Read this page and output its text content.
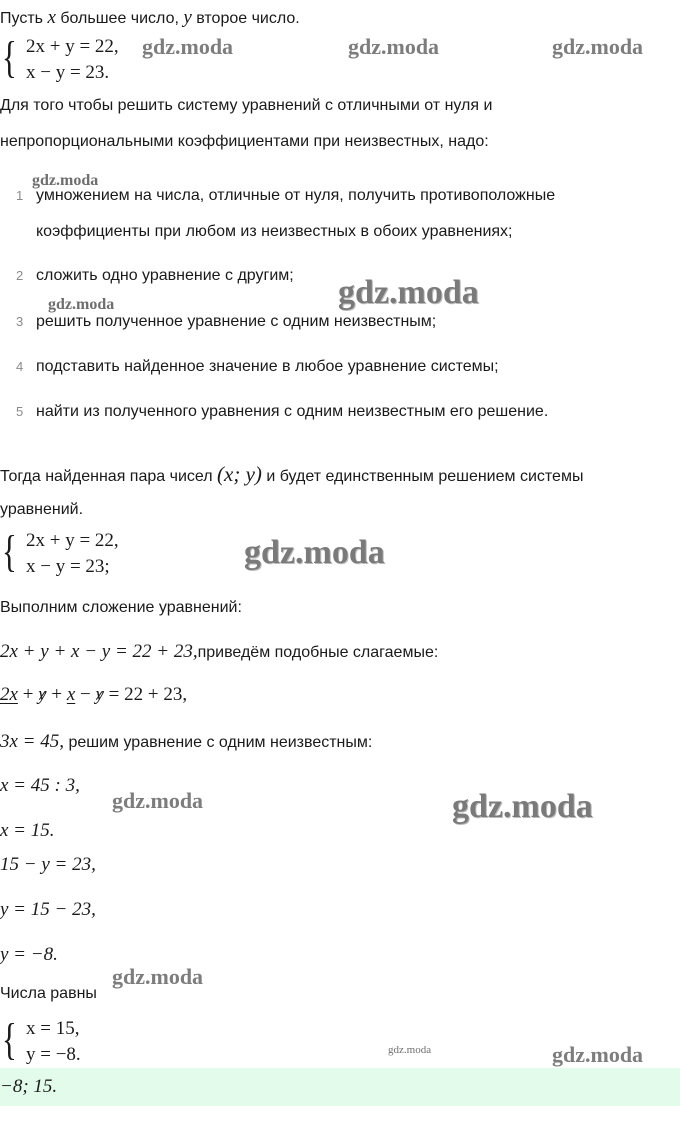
Пусть x большее число, y второе число.
{ 2x + y = 22,
x − y = 23.
Для того чтобы решить систему уравнений с отличными от нуля и
непропорциональными коэффициентами при неизвестных, надо:
1 умножением на числа, отличные от нуля, получить противоположные
коэффициенты при любом из неизвестных в обоих уравнениях;
2 сложить одно уравнение с другим;
3 решить полученное уравнение с одним неизвестным;
4 подставить найденное значение в любое уравнение системы;
5 найти из полученного уравнения с одним неизвестным его решение.
Тогда найденная пара чисел (x; y) и будет единственным решением системы
уравнений.
{ 2x + y = 22,
x − y = 23;
Выполним сложение уравнений:
2x + y + x − y = 22 + 23,приведём подобные слагаемые:
2x + y + x − y = 22 + 23,
3x = 45, решим уравнение с одним неизвестным:
x = 45 : 3,
x = 15.
15 − y = 23,
y = 15 − 23,
y = −8.
Числа равны
{ x = 15,
y = −8.
−8; 15.
gdz.moda	gdz.moda	gdz.moda
gdz.moda
gdz.moda
gdz.moda
gdz.moda
gdz.moda	gdz.moda
gdz.moda
gdz.moda	gdz.moda
